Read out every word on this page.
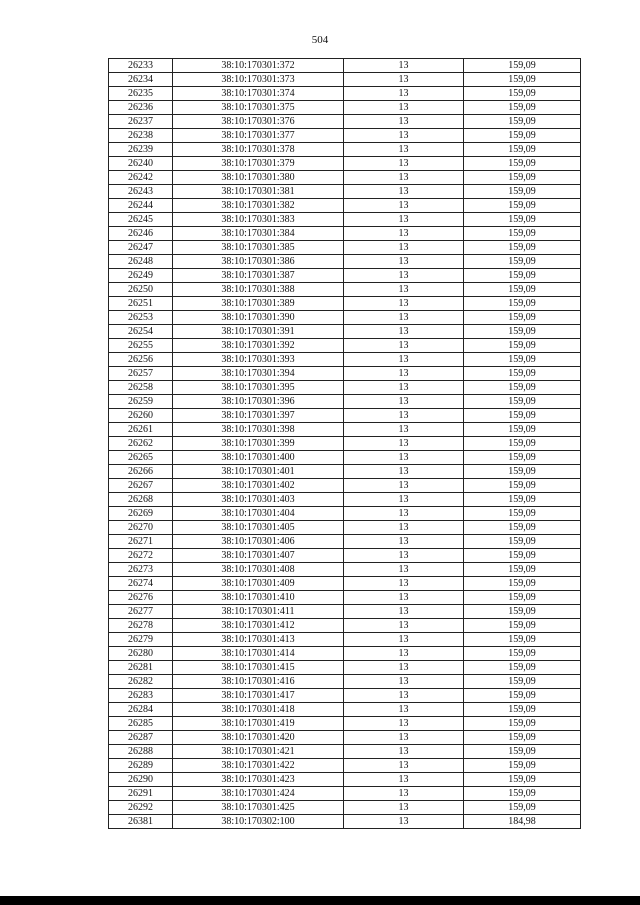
504
26233	38:10:170301:372	13	159,09
26234	38:10:170301:373	13	159,09
26235	38:10:170301:374	13	159,09
26236	38:10:170301:375	13	159,09
26237	38:10:170301:376	13	159,09
26238	38:10:170301:377	13	159,09
26239	38:10:170301:378	13	159,09
26240	38:10:170301:379	13	159,09
26242	38:10:170301:380	13	159,09
26243	38:10:170301:381	13	159,09
26244	38:10:170301:382	13	159,09
26245	38:10:170301:383	13	159,09
26246	38:10:170301:384	13	159,09
26247	38:10:170301:385	13	159,09
26248	38:10:170301:386	13	159,09
26249	38:10:170301:387	13	159,09
26250	38:10:170301:388	13	159,09
26251	38:10:170301:389	13	159,09
26253	38:10:170301:390	13	159,09
26254	38:10:170301:391	13	159,09
26255	38:10:170301:392	13	159,09
26256	38:10:170301:393	13	159,09
26257	38:10:170301:394	13	159,09
26258	38:10:170301:395	13	159,09
26259	38:10:170301:396	13	159,09
26260	38:10:170301:397	13	159,09
26261	38:10:170301:398	13	159,09
26262	38:10:170301:399	13	159,09
26265	38:10:170301:400	13	159,09
26266	38:10:170301:401	13	159,09
26267	38:10:170301:402	13	159,09
26268	38:10:170301:403	13	159,09
26269	38:10:170301:404	13	159,09
26270	38:10:170301:405	13	159,09
26271	38:10:170301:406	13	159,09
26272	38:10:170301:407	13	159,09
26273	38:10:170301:408	13	159,09
26274	38:10:170301:409	13	159,09
26276	38:10:170301:410	13	159,09
26277	38:10:170301:411	13	159,09
26278	38:10:170301:412	13	159,09
26279	38:10:170301:413	13	159,09
26280	38:10:170301:414	13	159,09
26281	38:10:170301:415	13	159,09
26282	38:10:170301:416	13	159,09
26283	38:10:170301:417	13	159,09
26284	38:10:170301:418	13	159,09
26285	38:10:170301:419	13	159,09
26287	38:10:170301:420	13	159,09
26288	38:10:170301:421	13	159,09
26289	38:10:170301:422	13	159,09
26290	38:10:170301:423	13	159,09
26291	38:10:170301:424	13	159,09
26292	38:10:170301:425	13	159,09
26381	38:10:170302:100	13	184,98
